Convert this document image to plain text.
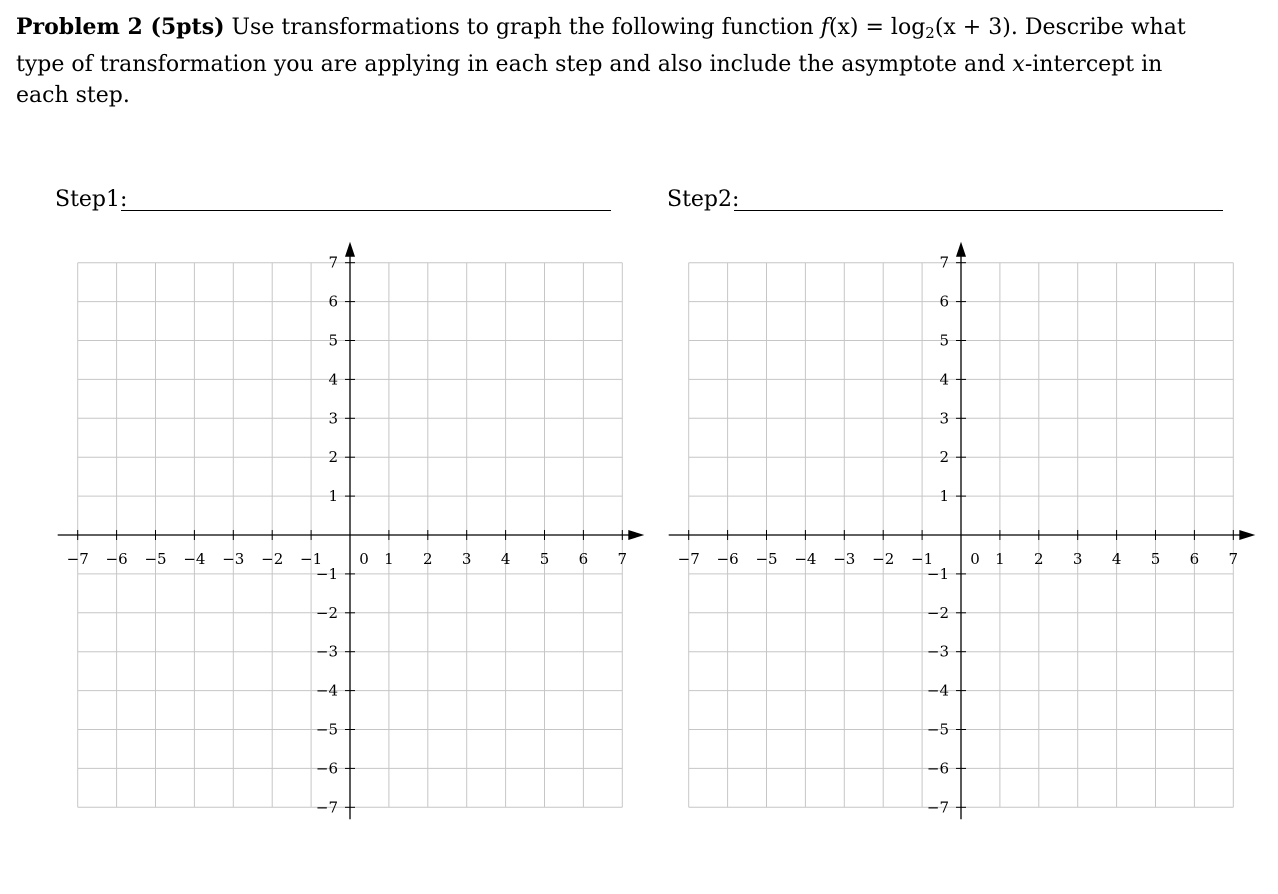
Problem 2 (5pts) Use transformations to graph the following function $f(x) = \log_2(x + 3)$. Describe what type of transformation you are applying in each step and also include the asymptote and x-intercept in each step.
Step1:	Step2:
−7 −6 −5 −4 −3 −2 −1 0 1 2 3 4 5 6 7
7
6
5
4
3
2
1
−1
−2
−3
−4
−5
−6
−7
−7 −6 −5 −4 −3 −2 −1 0 1 2 3 4 5 6 7
7
6
5
4
3
2
1
−1
−2
−3
−4
−5
−6
−7
